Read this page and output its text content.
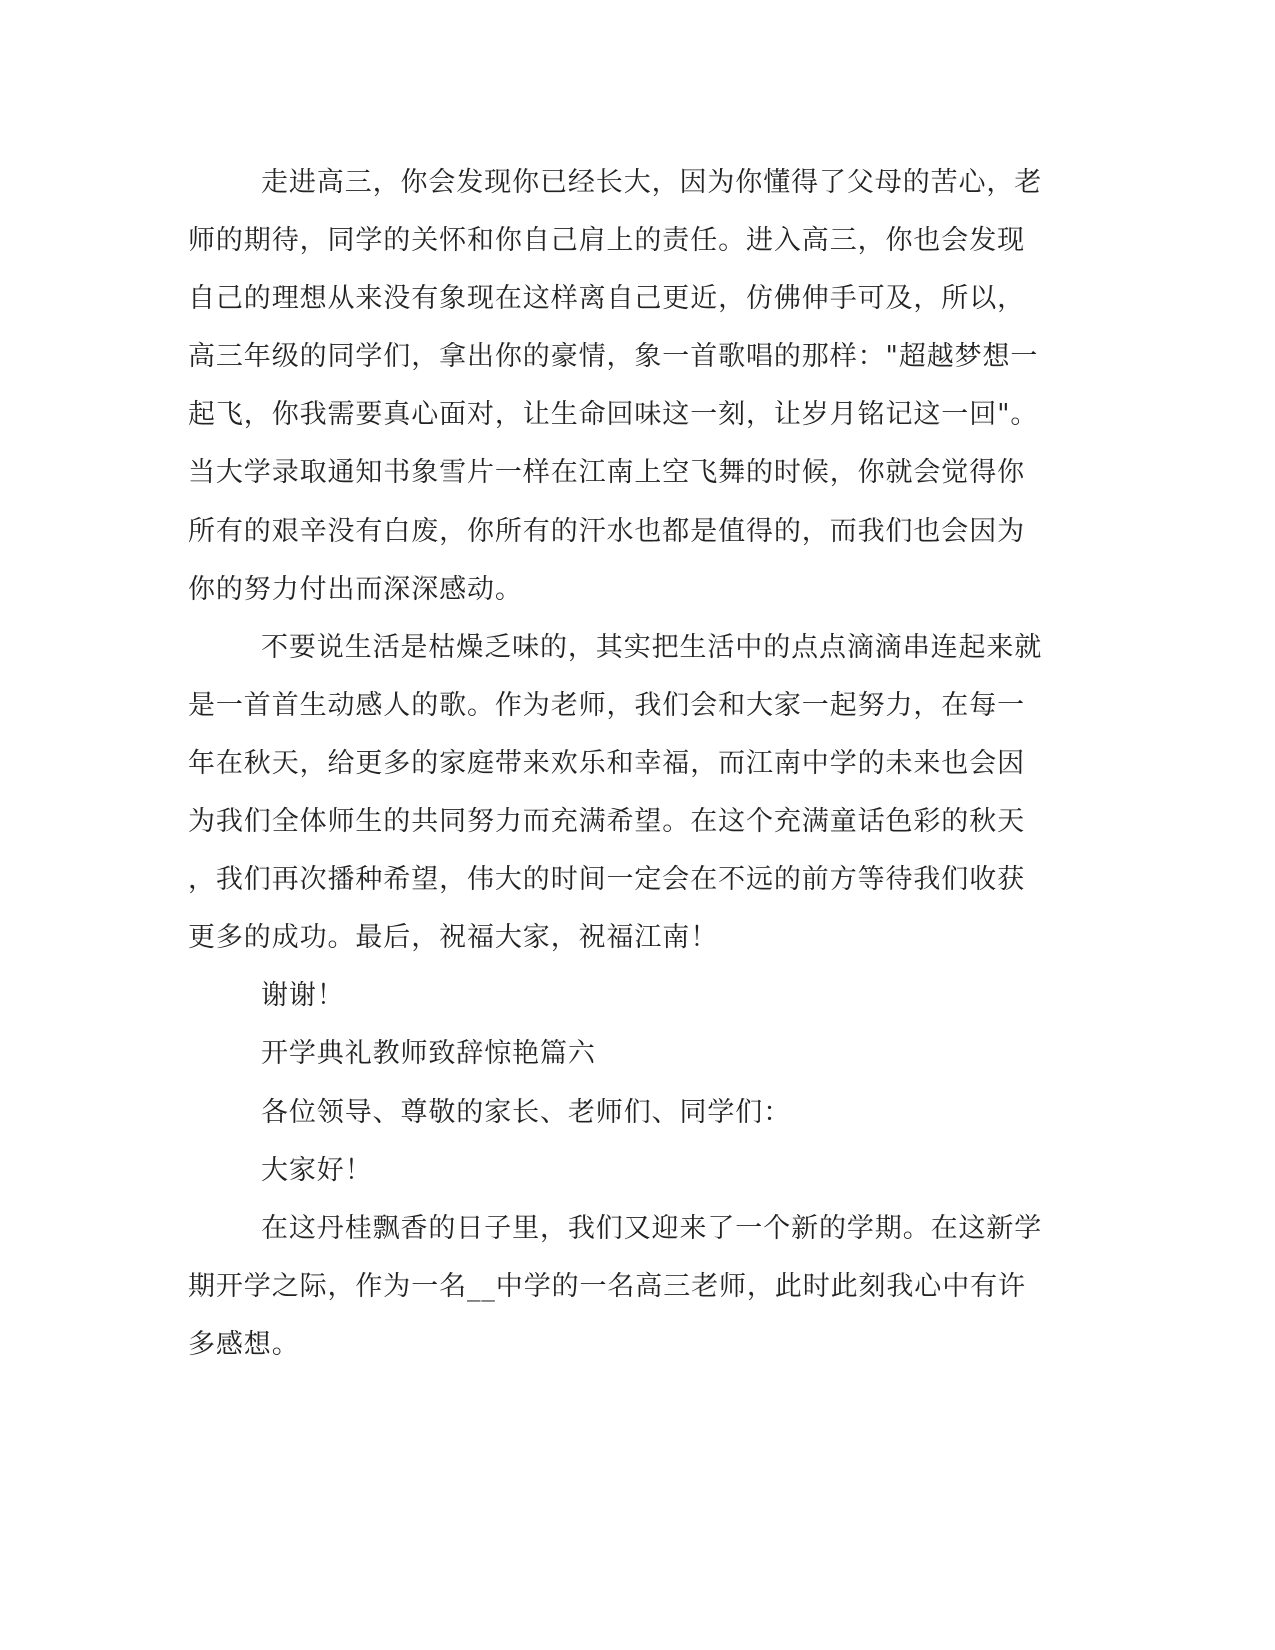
走进高三，你会发现你已经长大，因为你懂得了父母的苦心，老
师的期待，同学的关怀和你自己肩上的责任。进入高三，你也会发现
自己的理想从来没有象现在这样离自己更近，仿佛伸手可及，所以，
高三年级的同学们，拿出你的豪情，象一首歌唱的那样："超越梦想一
起飞，你我需要真心面对，让生命回味这一刻，让岁月铭记这一回"。
当大学录取通知书象雪片一样在江南上空飞舞的时候，你就会觉得你
所有的艰辛没有白废，你所有的汗水也都是值得的，而我们也会因为
你的努力付出而深深感动。
不要说生活是枯燥乏味的，其实把生活中的点点滴滴串连起来就
是一首首生动感人的歌。作为老师，我们会和大家一起努力，在每一
年在秋天，给更多的家庭带来欢乐和幸福，而江南中学的未来也会因
为我们全体师生的共同努力而充满希望。在这个充满童话色彩的秋天
，我们再次播种希望，伟大的时间一定会在不远的前方等待我们收获
更多的成功。最后，祝福大家，祝福江南！
谢谢！
开学典礼教师致辞惊艳篇六
各位领导、尊敬的家长、老师们、同学们：
大家好！
在这丹桂飘香的日子里，我们又迎来了一个新的学期。在这新学
期开学之际，作为一名__中学的一名高三老师，此时此刻我心中有许
多感想。
